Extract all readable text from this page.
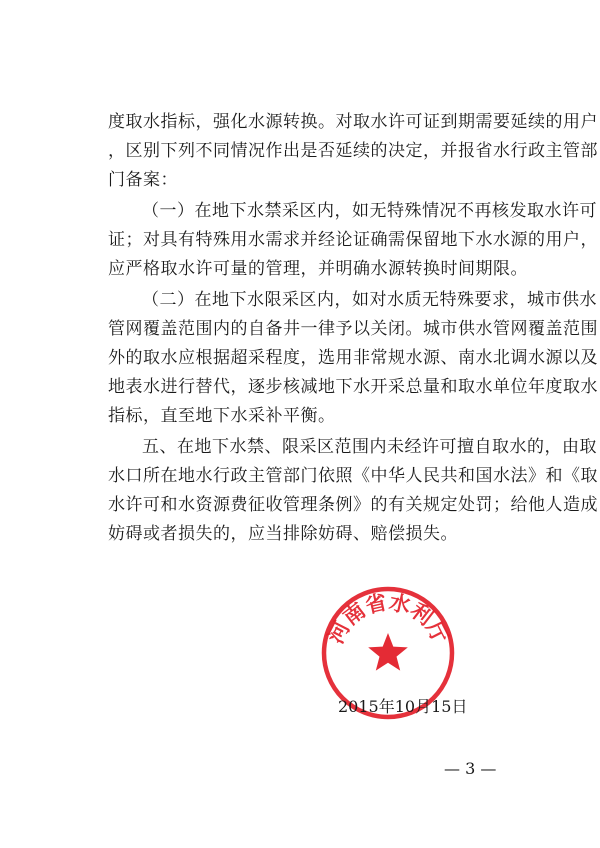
度取水指标，强化水源转换。对取水许可证到期需要延续的用户
，区别下列不同情况作出是否延续的决定，并报省水行政主管部
门备案：

（一）在地下水禁采区内，如无特殊情况不再核发取水许可
证；对具有特殊用水需求并经论证确需保留地下水水源的用户，
应严格取水许可量的管理，并明确水源转换时间期限。

（二）在地下水限采区内，如对水质无特殊要求，城市供水
管网覆盖范围内的自备井一律予以关闭。城市供水管网覆盖范围
外的取水应根据超采程度，选用非常规水源、南水北调水源以及
地表水进行替代，逐步核减地下水开采总量和取水单位年度取水
指标，直至地下水采补平衡。

五、在地下水禁、限采区范围内未经许可擅自取水的，由取
水口所在地水行政主管部门依照《中华人民共和国水法》和《取
水许可和水资源费征收管理条例》的有关规定处罚；给他人造成
妨碍或者损失的，应当排除妨碍、赔偿损失。

河南省水利厅
2015年10月15日
— 3 —
